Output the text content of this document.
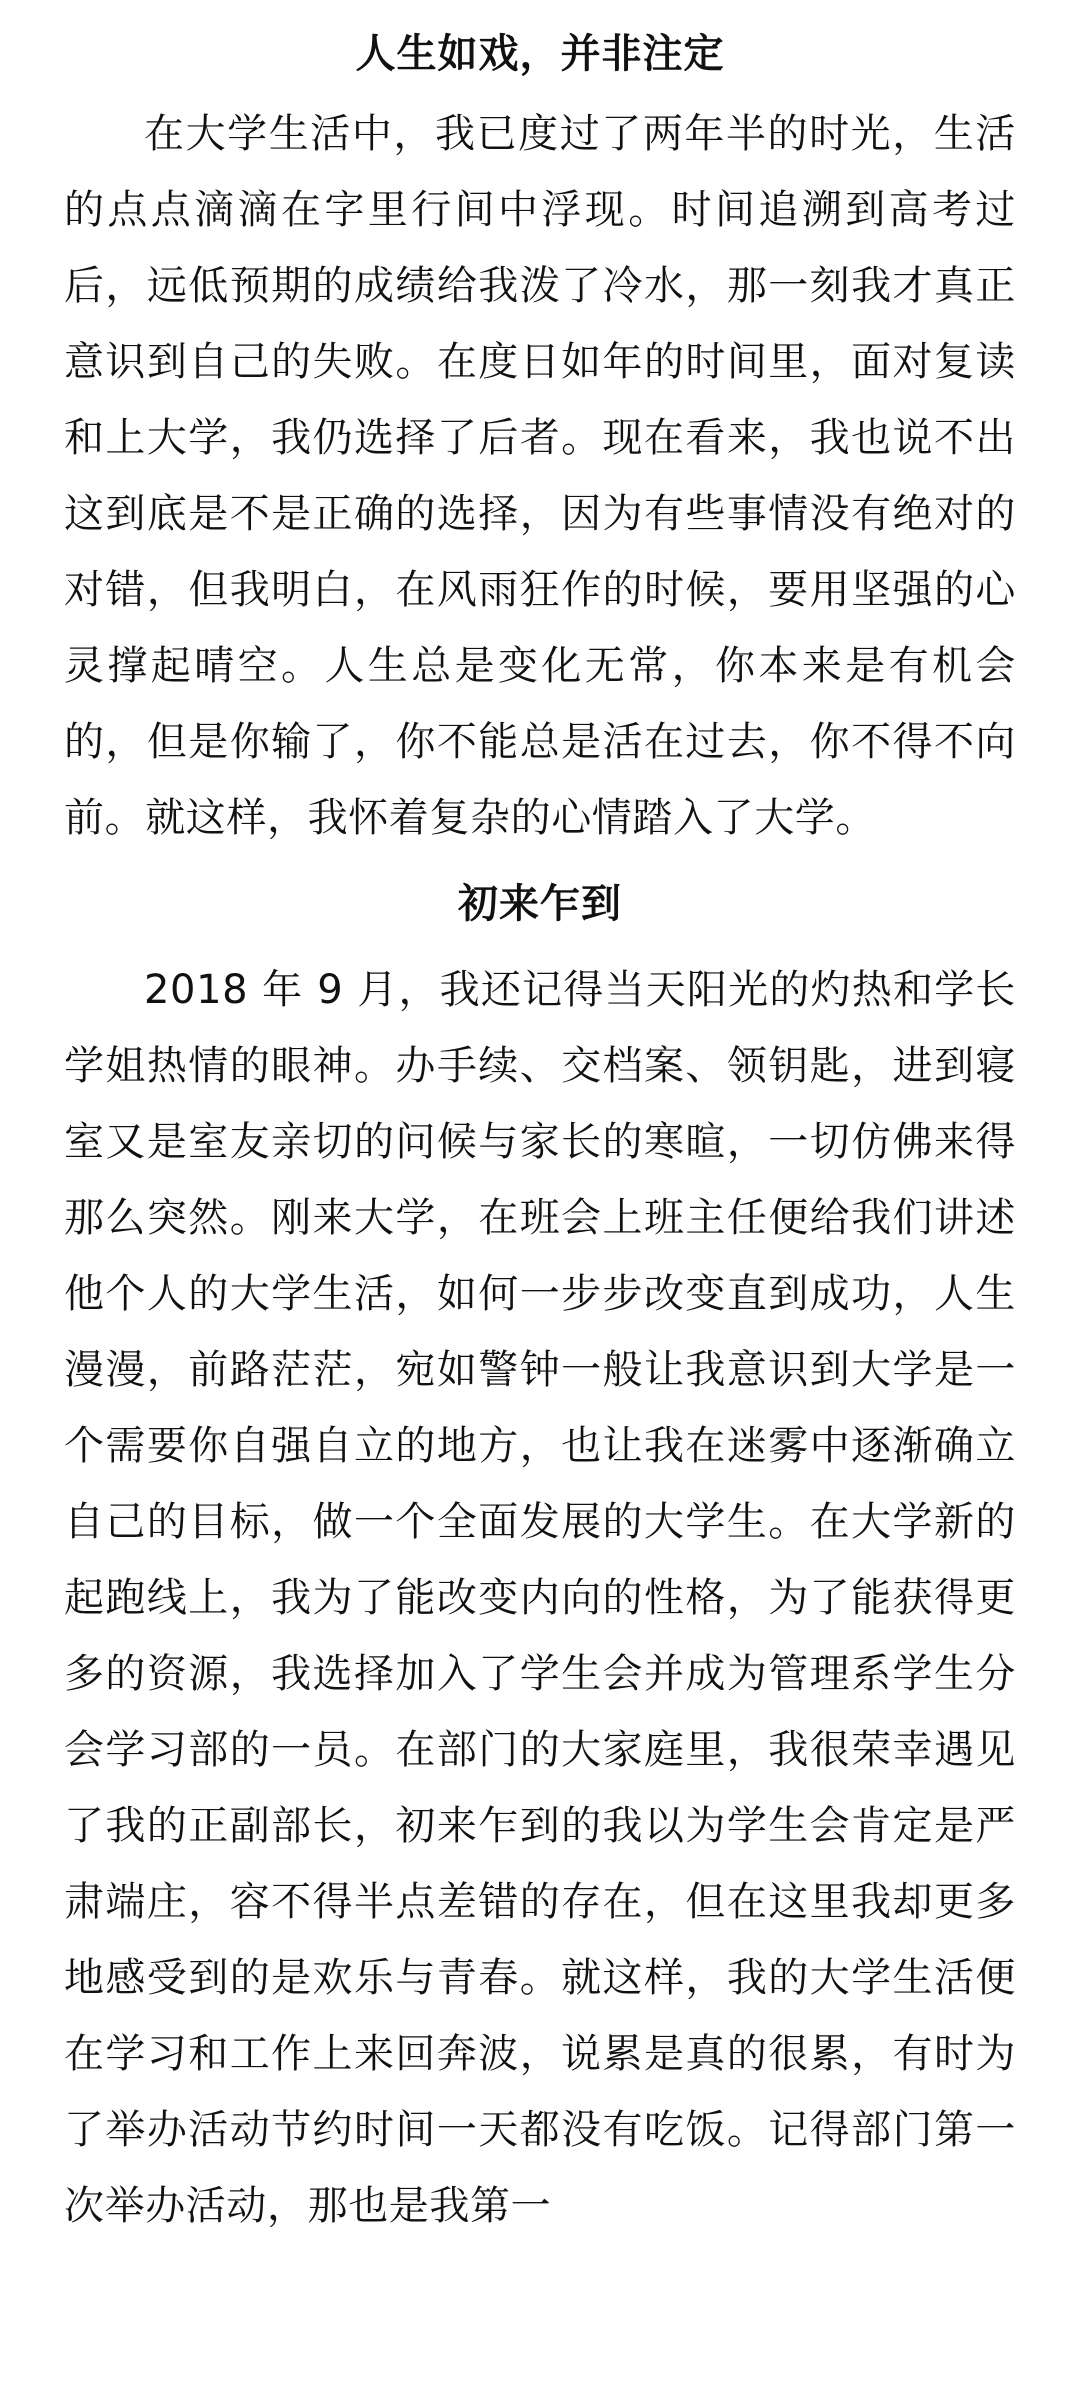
人生如戏，并非注定

在大学生活中，我已度过了两年半的时光，生活的点点滴滴在字里行间中浮现。时间追溯到高考过后，远低预期的成绩给我泼了冷水，那一刻我才真正意识到自己的失败。在度日如年的时间里，面对复读和上大学，我仍选择了后者。现在看来，我也说不出这到底是不是正确的选择，因为有些事情没有绝对的对错，但我明白，在风雨狂作的时候，要用坚强的心灵撑起晴空。人生总是变化无常，你本来是有机会的，但是你输了，你不能总是活在过去，你不得不向前。就这样，我怀着复杂的心情踏入了大学。

初来乍到

2018 年 9 月，我还记得当天阳光的灼热和学长学姐热情的眼神。办手续、交档案、领钥匙，进到寝室又是室友亲切的问候与家长的寒暄，一切仿佛来得那么突然。刚来大学，在班会上班主任便给我们讲述他个人的大学生活，如何一步步改变直到成功，人生漫漫，前路茫茫，宛如警钟一般让我意识到大学是一个需要你自强自立的地方，也让我在迷雾中逐渐确立自己的目标，做一个全面发展的大学生。在大学新的起跑线上，我为了能改变内向的性格，为了能获得更多的资源，我选择加入了学生会并成为管理系学生分会学习部的一员。在部门的大家庭里，我很荣幸遇见了我的正副部长，初来乍到的我以为学生会肯定是严肃端庄，容不得半点差错的存在，但在这里我却更多地感受到的是欢乐与青春。就这样，我的大学生活便在学习和工作上来回奔波，说累是真的很累，有时为了举办活动节约时间一天都没有吃饭。记得部门第一次举办活动，那也是我第一
